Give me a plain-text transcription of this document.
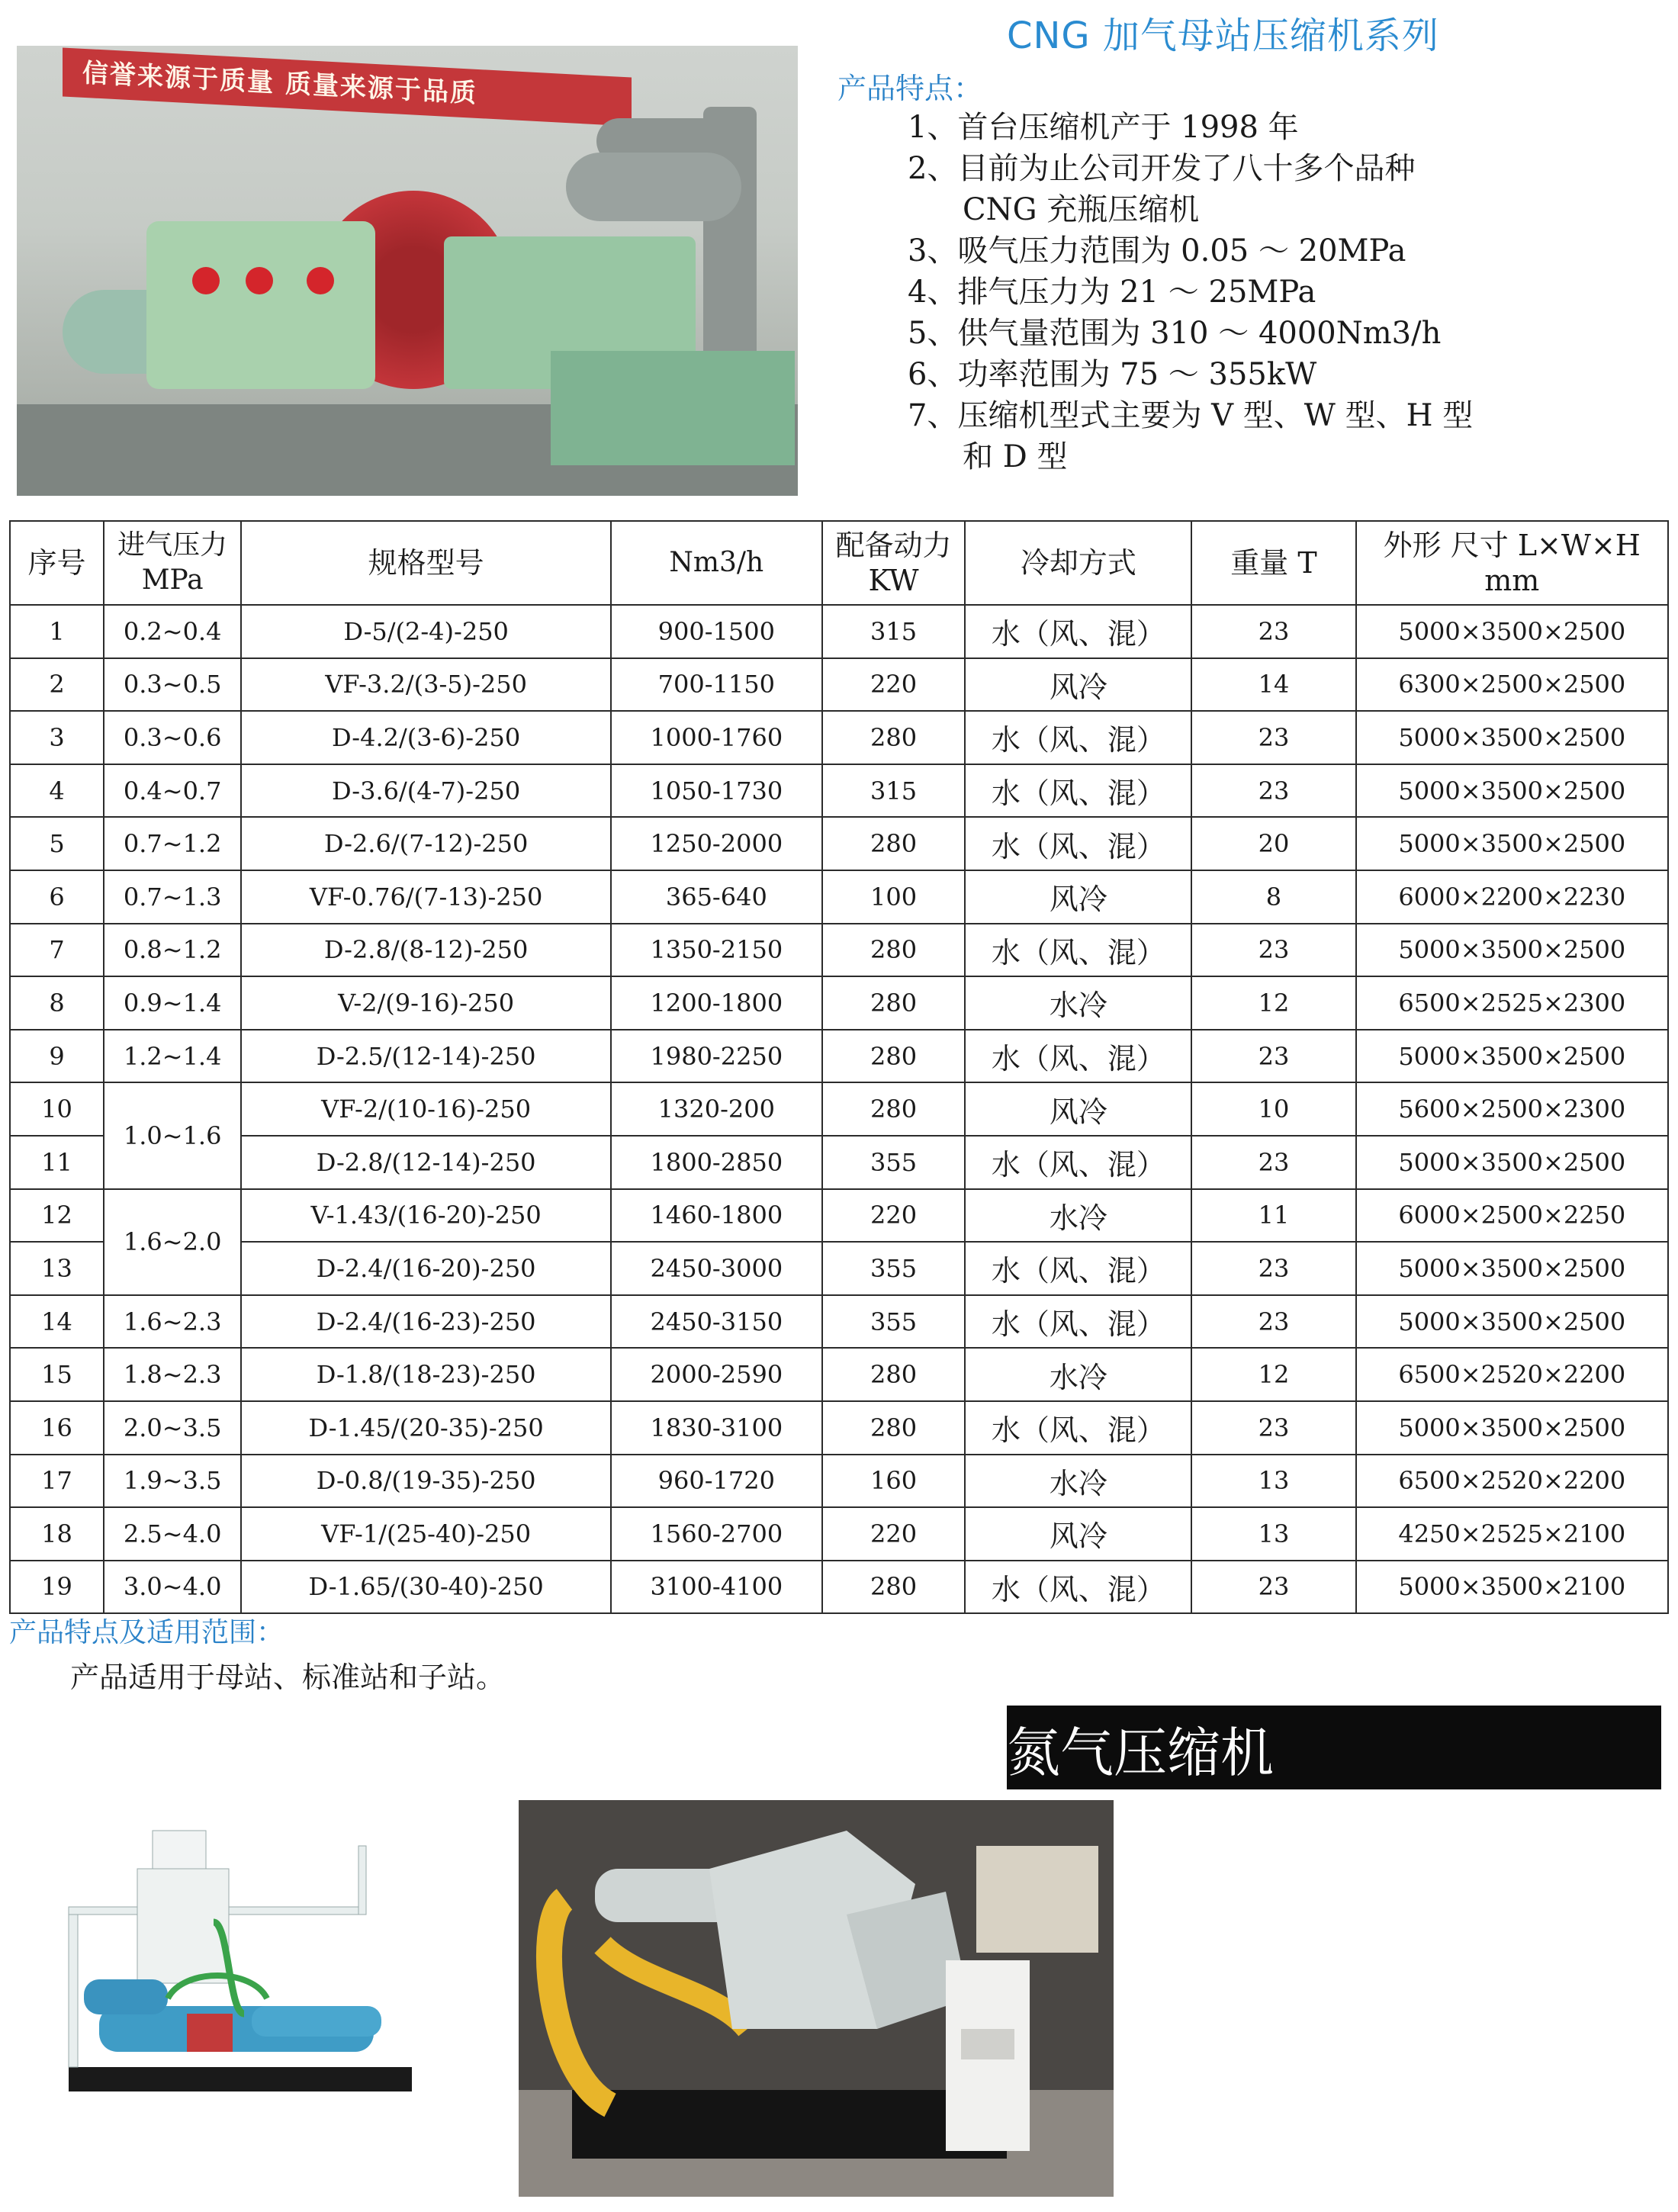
信誉来源于质量 质量来源于品质
CNG 加气母站压缩机系列
产品特点：
1、首台压缩机产于 1998 年
2、目前为止公司开发了八十多个品种
CNG 充瓶压缩机
3、吸气压力范围为 0.05 ～ 20MPa
4、排气压力为 21 ～ 25MPa
5、供气量范围为 310 ～ 4000Nm3/h
6、功率范围为 75 ～ 355kW
7、压缩机型式主要为 V 型、W 型、H 型
和 D 型
序号	进气压力 MPa	规格型号	Nm3/h	配备动力 KW	冷却方式	重量 T	外形 尺寸 L×W×H mm
1	0.2~0.4	D-5/(2-4)-250	900-1500	315	水（风、混）	23	5000×3500×2500
2	0.3~0.5	VF-3.2/(3-5)-250	700-1150	220	风冷	14	6300×2500×2500
3	0.3~0.6	D-4.2/(3-6)-250	1000-1760	280	水（风、混）	23	5000×3500×2500
4	0.4~0.7	D-3.6/(4-7)-250	1050-1730	315	水（风、混）	23	5000×3500×2500
5	0.7~1.2	D-2.6/(7-12)-250	1250-2000	280	水（风、混）	20	5000×3500×2500
6	0.7~1.3	VF-0.76/(7-13)-250	365-640	100	风冷	8	6000×2200×2230
7	0.8~1.2	D-2.8/(8-12)-250	1350-2150	280	水（风、混）	23	5000×3500×2500
8	0.9~1.4	V-2/(9-16)-250	1200-1800	280	水冷	12	6500×2525×2300
9	1.2~1.4	D-2.5/(12-14)-250	1980-2250	280	水（风、混）	23	5000×3500×2500
10	1.0~1.6	VF-2/(10-16)-250	1320-200	280	风冷	10	5600×2500×2300
11		D-2.8/(12-14)-250	1800-2850	355	水（风、混）	23	5000×3500×2500
12	1.6~2.0	V-1.43/(16-20)-250	1460-1800	220	水冷	11	6000×2500×2250
13		D-2.4/(16-20)-250	2450-3000	355	水（风、混）	23	5000×3500×2500
14	1.6~2.3	D-2.4/(16-23)-250	2450-3150	355	水（风、混）	23	5000×3500×2500
15	1.8~2.3	D-1.8/(18-23)-250	2000-2590	280	水冷	12	6500×2520×2200
16	2.0~3.5	D-1.45/(20-35)-250	1830-3100	280	水（风、混）	23	5000×3500×2500
17	1.9~3.5	D-0.8/(19-35)-250	960-1720	160	水冷	13	6500×2520×2200
18	2.5~4.0	VF-1/(25-40)-250	1560-2700	220	风冷	13	4250×2525×2100
19	3.0~4.0	D-1.65/(30-40)-250	3100-4100	280	水（风、混）	23	5000×3500×2100
产品特点及适用范围：
产品适用于母站、标准站和子站。
氮气压缩机
